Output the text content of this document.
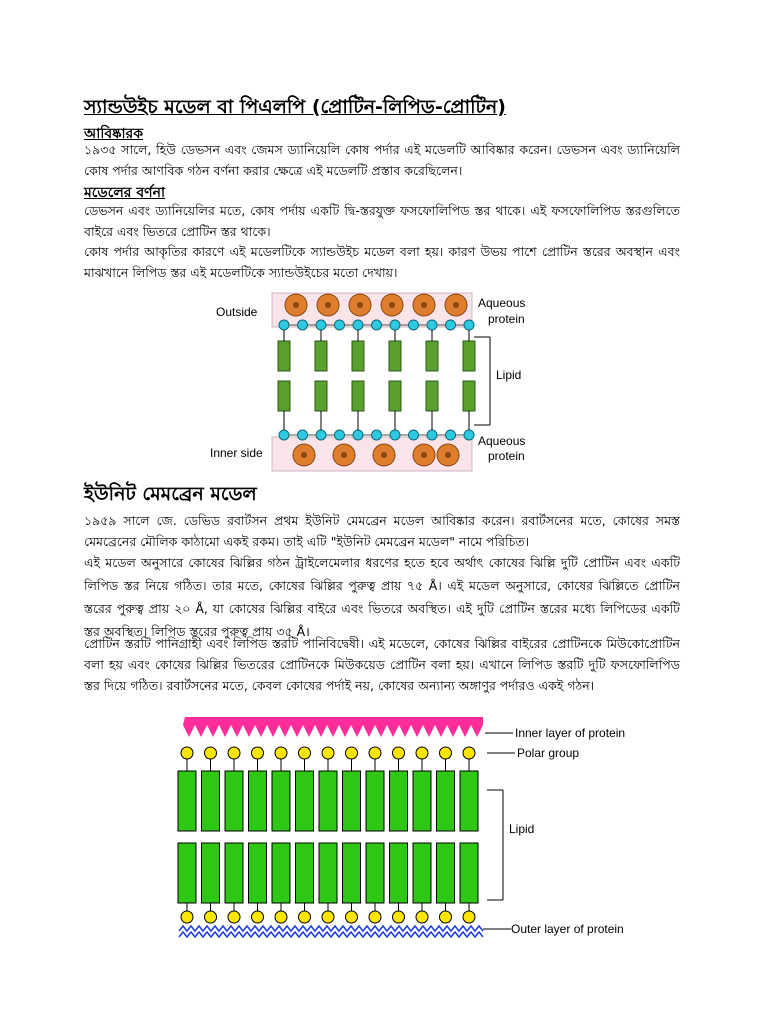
স্যান্ডউইচ মডেল বা পিএলপি (প্রোটিন-লিপিড-প্রোটিন)
আবিষ্কারক
১৯৩৫ সালে, হিউ ডেভসন এবং জেমস ড্যানিয়েলি কোষ পর্দার এই মডেলটি আবিষ্কার করেন। ডেভসন এবং ড্যানিয়েলি কোষ পর্দার আণবিক গঠন বর্ণনা করার ক্ষেত্রে এই মডেলটি প্রস্তাব করেছিলেন।
মডেলের বর্ণনা
ডেভসন এবং ড্যানিয়েলির মতে, কোষ পর্দায় একটি দ্বি-স্তরযুক্ত ফসফোলিপিড স্তর থাকে। এই ফসফোলিপিড স্তরগুলিতে বাইরে এবং ভিতরে প্রোটিন স্তর থাকে।
কোষ পর্দার আকৃতির কারণে এই মডেলটিকে স্যান্ডউইচ মডেল বলা হয়। কারণ উভয় পাশে প্রোটিন স্তরের অবস্থান এবং মাঝখানে লিপিড স্তর এই মডেলটিকে স্যান্ডউইচের মতো দেখায়।
Outside
Inner side
Aqueous
protein
Lipid
Aqueous
protein
ইউনিট মেমব্রেন মডেল
১৯৫৯ সালে জে. ডেভিড রবার্টসন প্রথম ইউনিট মেমব্রেন মডেল আবিষ্কার করেন। রবার্টসনের মতে, কোষের সমস্ত মেমব্রেনের মৌলিক কাঠামো একই রকম। তাই এটি "ইউনিট মেমব্রেন মডেল" নামে পরিচিত।
এই মডেল অনুসারে কোষের ঝিল্লির গঠন ট্রাইলেমেলার ধরণের হতে হবে অর্থাৎ কোষের ঝিল্লি দুটি প্রোটিন এবং একটি লিপিড স্তর নিয়ে গঠিত। তার মতে, কোষের ঝিল্লির পুরুত্ব প্রায় ৭৫ Å। এই মডেল অনুসারে, কোষের ঝিল্লিতে প্রোটিন স্তরের পুরুত্ব প্রায় ২০ Å, যা কোষের ঝিল্লির বাইরে এবং ভিতরে অবস্থিত। এই দুটি প্রোটিন স্তরের মধ্যে লিপিডের একটি স্তর অবস্থিত। লিপিড স্তরের পুরুত্ব প্রায় ৩৫ Å।
প্রোটিন স্তরটি পানিগ্রাহী এবং লিপিড স্তরটি পানিবিদ্বেষী। এই মডেলে, কোষের ঝিল্লির বাইরের প্রোটিনকে মিউকোপ্রোটিন বলা হয় এবং কোষের ঝিল্লির ভিতরের প্রোটিনকে মিউকয়েড প্রোটিন বলা হয়। এখানে লিপিড স্তরটি দুটি ফসফোলিপিড স্তর দিয়ে গঠিত। রবার্টসনের মতে, কেবল কোষের পর্দাই নয়, কোষের অন্যান্য অঙ্গাণুর পর্দারও একই গঠন।
Inner layer of protein
Polar group
Lipid
Outer layer of protein
